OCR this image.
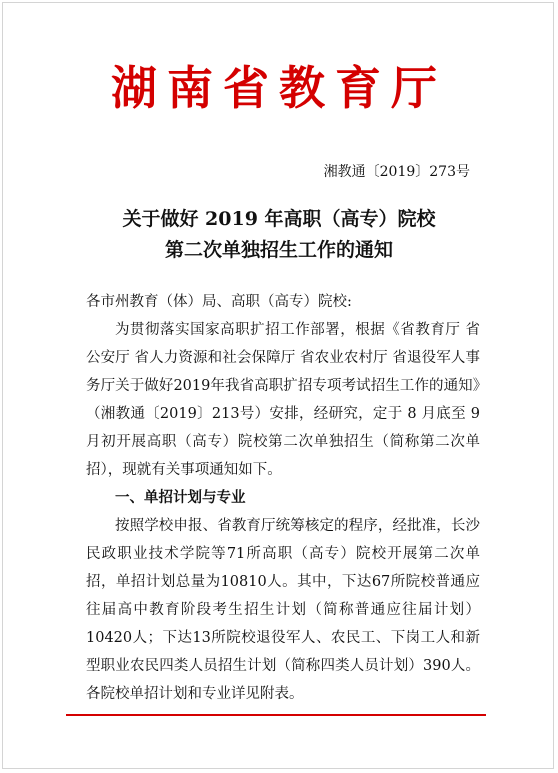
湖南省教育厅
湘教通〔2019〕273号
关于做好 2019 年高职（高专）院校
第二次单独招生工作的通知

各市州教育（体）局、高职（高专）院校:

为贯彻落实国家高职扩招工作部署，根据《省教育厅 省公安厅 省人力资源和社会保障厅 省农业农村厅 省退役军人事务厅关于做好2019年我省高职扩招专项考试招生工作的通知》（湘教通〔2019〕213号）安排，经研究，定于 8 月底至 9 月初开展高职（高专）院校第二次单独招生（简称第二次单招），现就有关事项通知如下。

一、单招计划与专业

按照学校申报、省教育厅统筹核定的程序，经批准，长沙民政职业技术学院等71所高职（高专）院校开展第二次单招，单招计划总量为10810人。其中，下达67所院校普通应往届高中教育阶段考生招生计划（简称普通应往届计划）10420人；下达13所院校退役军人、农民工、下岗工人和新型职业农民四类人员招生计划（简称四类人员计划）390人。各院校单招计划和专业详见附表。
